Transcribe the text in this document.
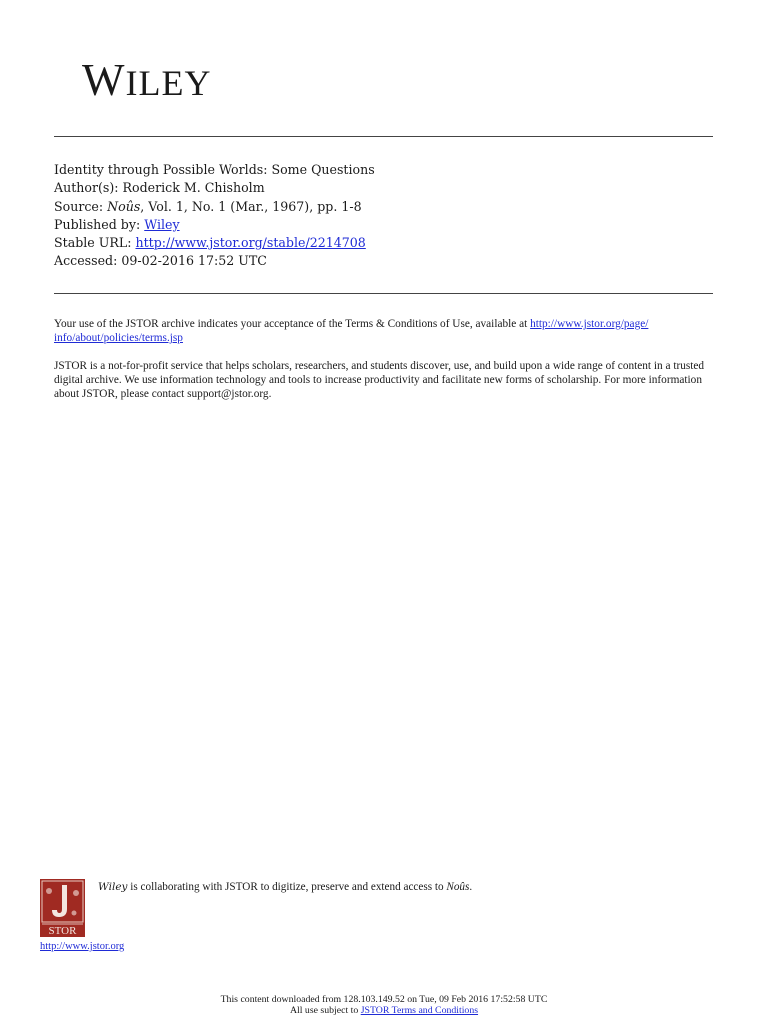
WILEY
Identity through Possible Worlds: Some Questions
Author(s): Roderick M. Chisholm
Source: Noûs, Vol. 1, No. 1 (Mar., 1967), pp. 1-8
Published by: Wiley
Stable URL: http://www.jstor.org/stable/2214708
Accessed: 09-02-2016 17:52 UTC
Your use of the JSTOR archive indicates your acceptance of the Terms & Conditions of Use, available at http://www.jstor.org/page/
info/about/policies/terms.jsp
JSTOR is a not-for-profit service that helps scholars, researchers, and students discover, use, and build upon a wide range of content in a trusted digital archive. We use information technology and tools to increase productivity and facilitate new forms of scholarship. For more information about JSTOR, please contact support@jstor.org.
STOR
http://www.jstor.org
Wiley is collaborating with JSTOR to digitize, preserve and extend access to Noûs.
This content downloaded from 128.103.149.52 on Tue, 09 Feb 2016 17:52:58 UTC
All use subject to JSTOR Terms and Conditions
